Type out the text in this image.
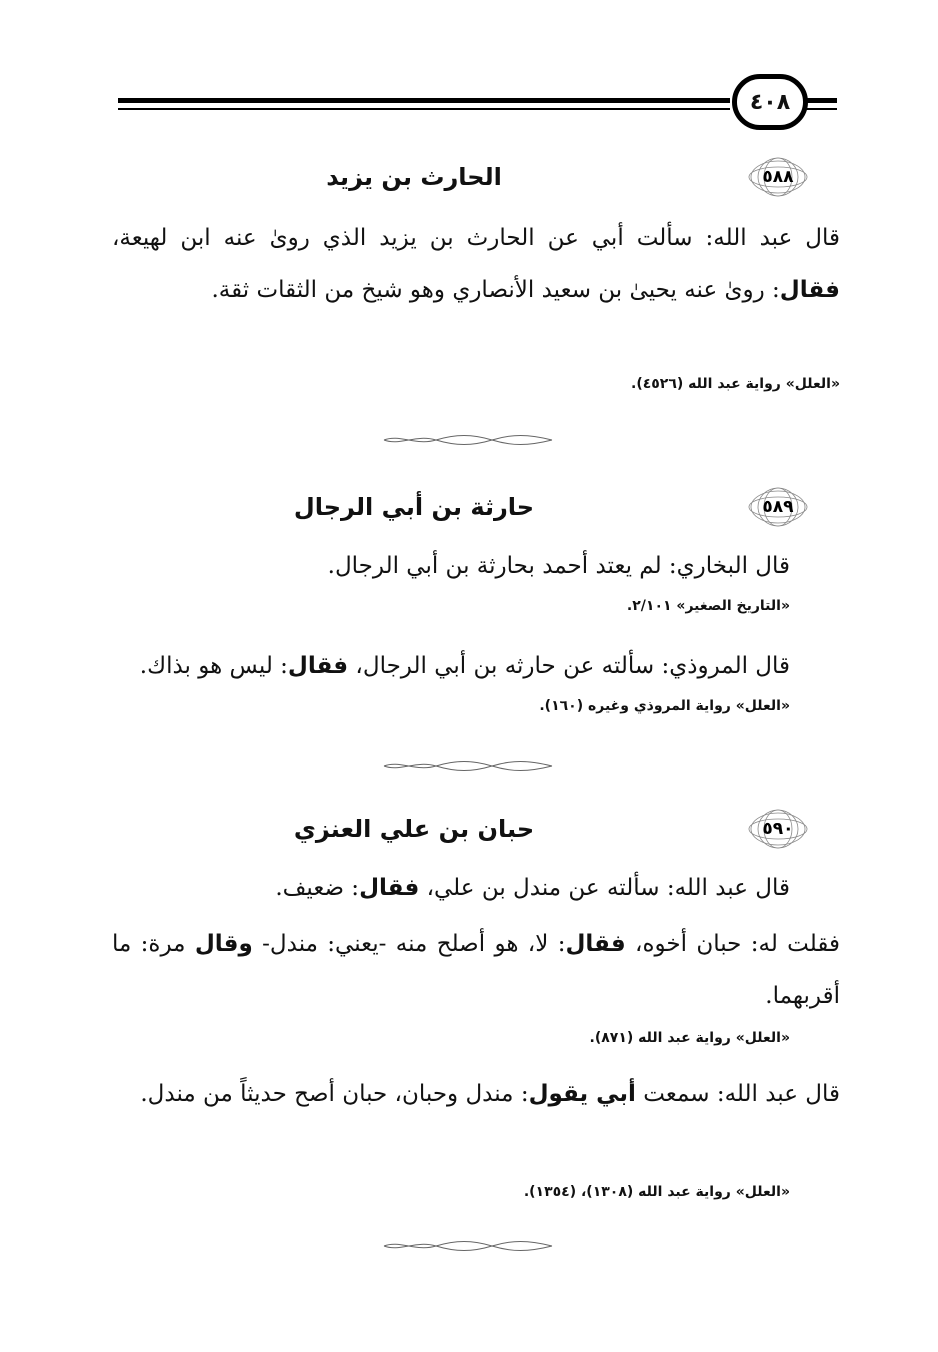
٤٠٨
٥٨٨
الحارث بن يزيد
قال عبد الله: سألت أبي عن الحارث بن يزيد الذي روىٰ عنه ابن لهيعة، فقال: روىٰ عنه يحيىٰ بن سعيد الأنصاري وهو شيخ من الثقات ثقة.
«العلل» رواية عبد الله (٤٥٢٦).
٥٨٩
حارثة بن أبي الرجال
قال البخاري: لم يعتد أحمد بحارثة بن أبي الرجال.
«التاريخ الصغير» ٢/١٠١.
قال المروذي: سألته عن حارثه بن أبي الرجال، فقال: ليس هو بذاك.
«العلل» رواية المروذي وغيره (١٦٠).
٥٩٠
حبان بن علي العنزي
قال عبد الله: سألته عن مندل بن علي، فقال: ضعيف.
فقلت له: حبان أخوه، فقال: لا، هو أصلح منه -يعني: مندل- وقال مرة: ما أقربهما.
«العلل» رواية عبد الله (٨٧١).
قال عبد الله: سمعت أبي يقول: مندل وحبان، حبان أصح حديثاً من مندل.
«العلل» رواية عبد الله (١٣٠٨)، (١٣٥٤).
